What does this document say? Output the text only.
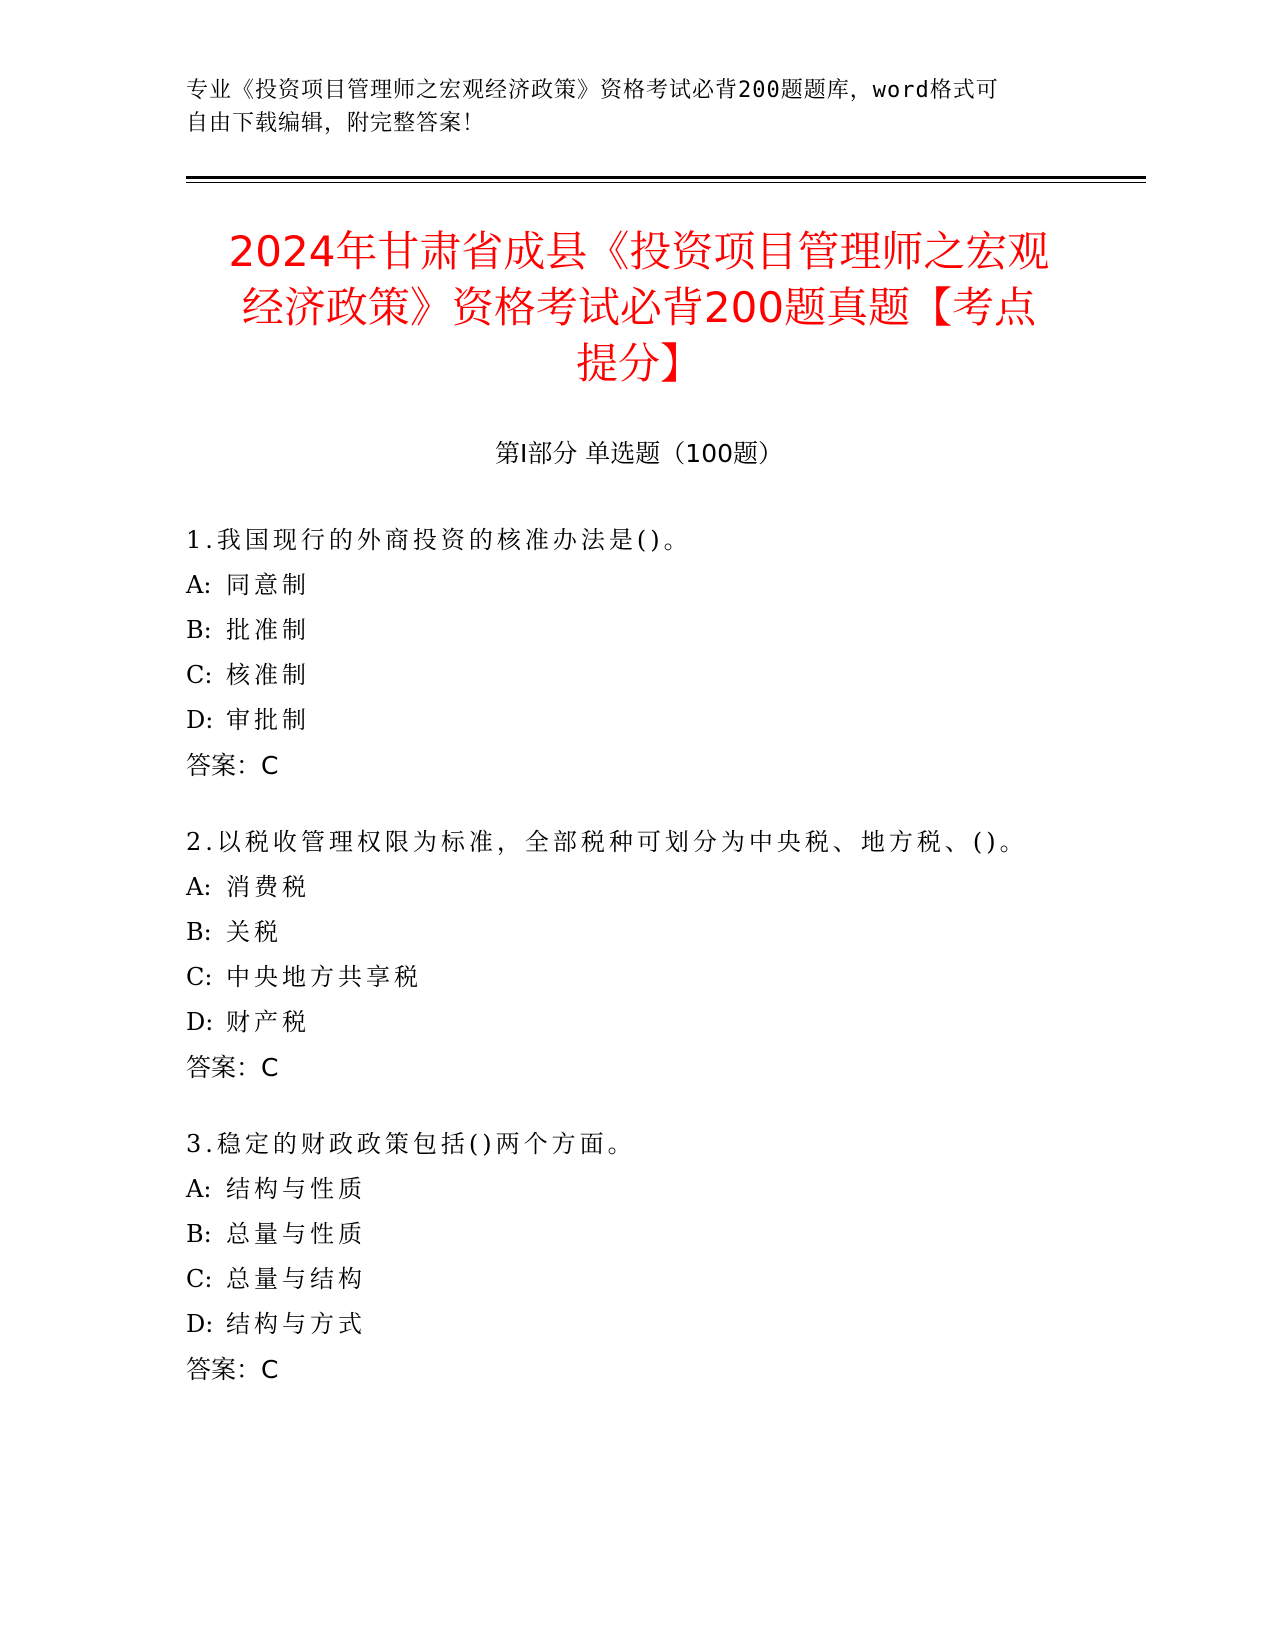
专业《投资项目管理师之宏观经济政策》资格考试必背200题题库，word格式可
自由下载编辑，附完整答案！
2024年甘肃省成县《投资项目管理师之宏观
经济政策》资格考试必背200题真题【考点
提分】
第Ⅰ部分 单选题（100题）
1.我国现行的外商投资的核准办法是()。
A: 同意制
B: 批准制
C: 核准制
D: 审批制
答案：C
2.以税收管理权限为标准，全部税种可划分为中央税、地方税、()。
A: 消费税
B: 关税
C: 中央地方共享税
D: 财产税
答案：C
3.稳定的财政政策包括()两个方面。
A: 结构与性质
B: 总量与性质
C: 总量与结构
D: 结构与方式
答案：C
